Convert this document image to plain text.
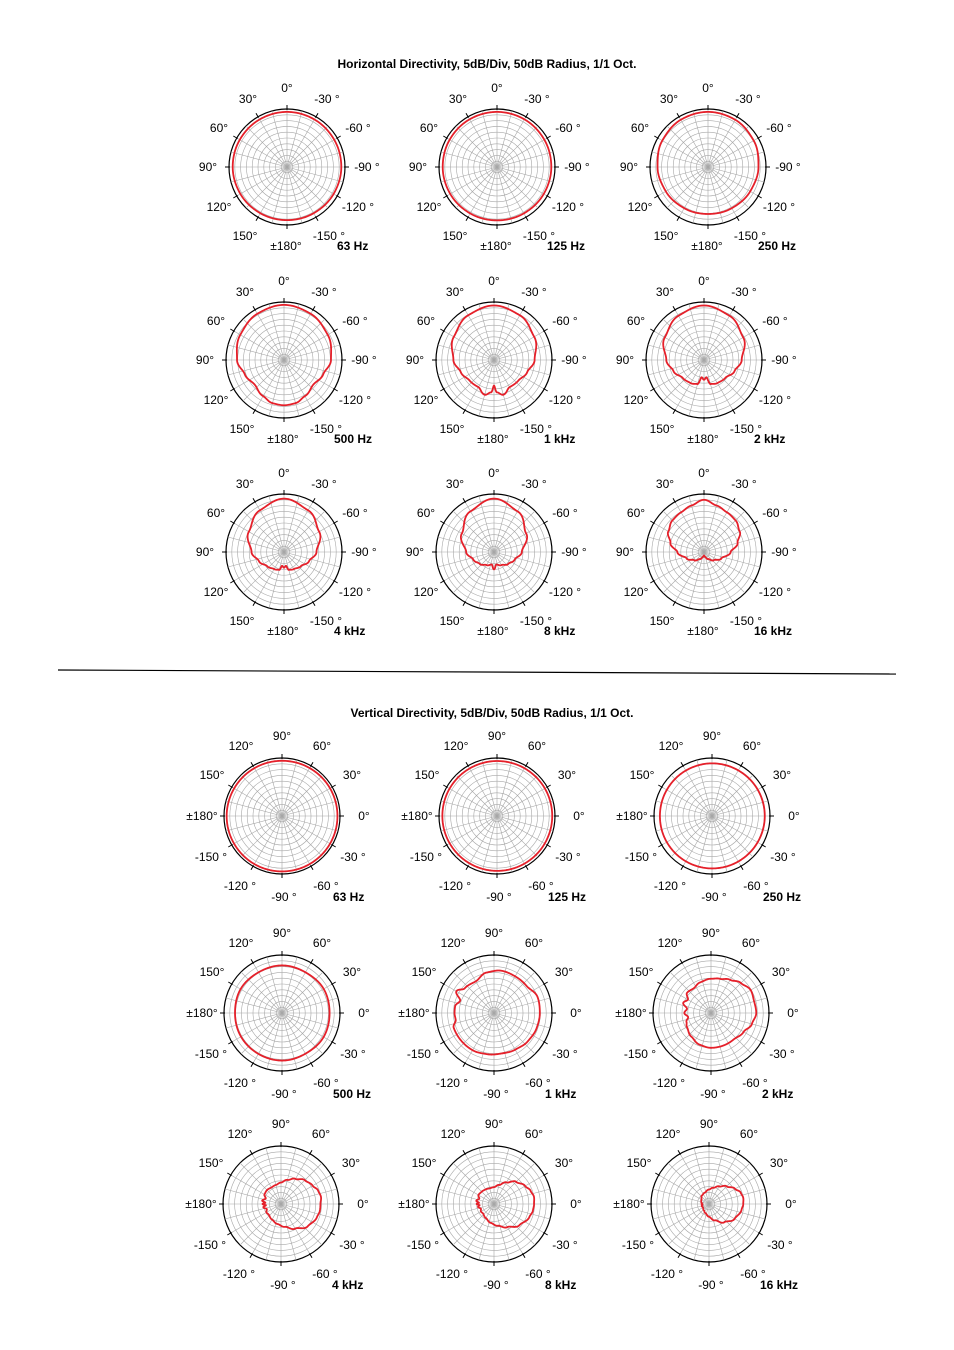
Horizontal Directivity, 5dB/Div, 50dB Radius, 1/1 Oct.
Vertical Directivity, 5dB/Div, 50dB Radius, 1/1 Oct.
0°
30°	-30 °
60°	-60 °
90°	-90 °
120°	-120 °
150°	-150 °
±180°	63 Hz
0°
30°	-30 °
60°	-60 °
90°	-90 °
120°	-120 °
150°	-150 °
±180°	125 Hz
0°
30°	-30 °
60°	-60 °
90°	-90 °
120°	-120 °
150°	-150 °
±180°	250 Hz
0°
30°	-30 °
60°	-60 °
90°	-90 °
120°	-120 °
150°	-150 °
±180°	500 Hz
0°
30°	-30 °
60°	-60 °
90°	-90 °
120°	-120 °
150°	-150 °
±180°	1 kHz
0°
30°	-30 °
60°	-60 °
90°	-90 °
120°	-120 °
150°	-150 °
±180°	2 kHz
0°
30°	-30 °
60°	-60 °
90°	-90 °
120°	-120 °
150°	-150 °
±180°	4 kHz
0°
30°	-30 °
60°	-60 °
90°	-90 °
120°	-120 °
150°	-150 °
±180°	8 kHz
0°
30°	-30 °
60°	-60 °
90°	-90 °
120°	-120 °
150°	-150 °
±180°	16 kHz
90°
120°	60°
150°	30°
±180°	0°
-150 °	-30 °
-120 °	-60 °
-90 °	63 Hz
90°
120°	60°
150°	30°
±180°	0°
-150 °	-30 °
-120 °	-60 °
-90 °	125 Hz
90°
120°	60°
150°	30°
±180°	0°
-150 °	-30 °
-120 °	-60 °
-90 °	250 Hz
90°
120°	60°
150°	30°
±180°	0°
-150 °	-30 °
-120 °	-60 °
-90 °	500 Hz
90°
120°	60°
150°	30°
±180°	0°
-150 °	-30 °
-120 °	-60 °
-90 °	1 kHz
90°
120°	60°
150°	30°
±180°	0°
-150 °	-30 °
-120 °	-60 °
-90 °	2 kHz
90°
120°	60°
150°	30°
±180°	0°
-150 °	-30 °
-120 °	-60 °
-90 °	4 kHz
90°
120°	60°
150°	30°
±180°	0°
-150 °	-30 °
-120 °	-60 °
-90 °	8 kHz
90°
120°	60°
150°	30°
±180°	0°
-150 °	-30 °
-120 °	-60 °
-90 °	16 kHz
